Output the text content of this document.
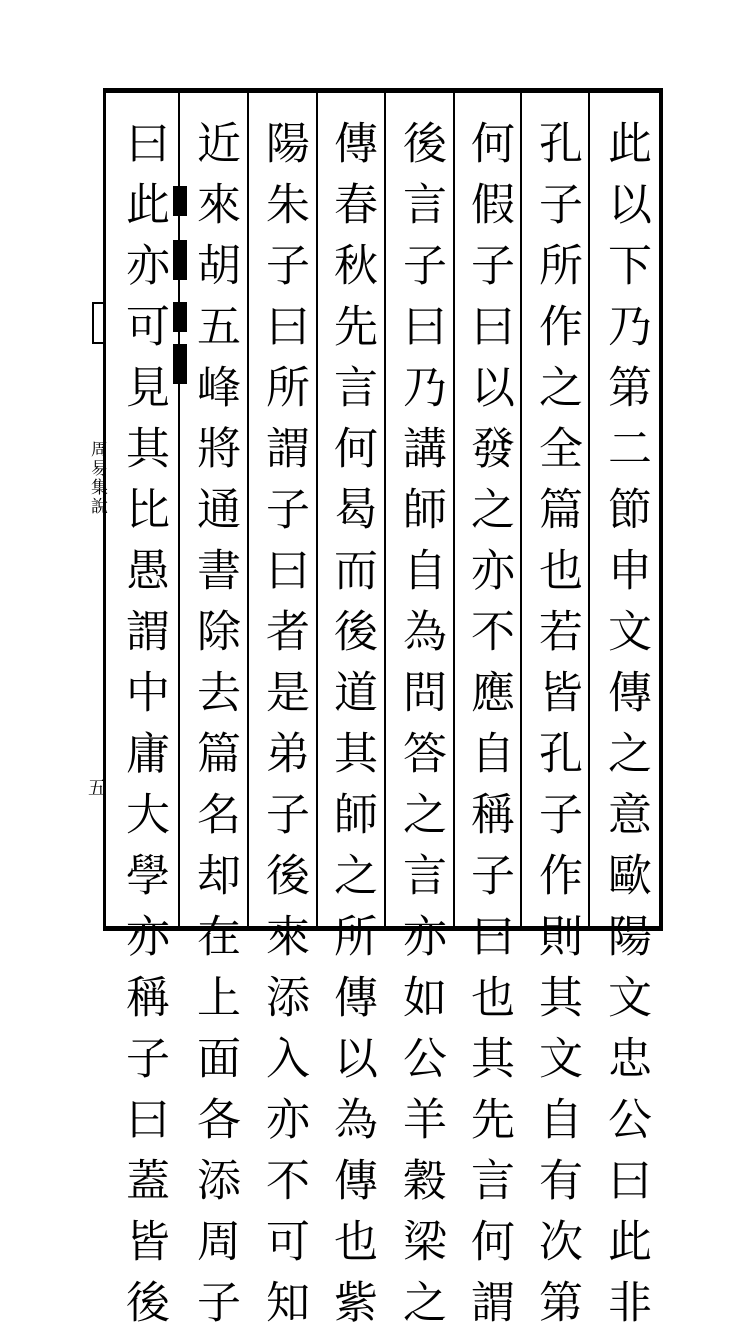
周易集說
五	此以下乃第二節申文傳之意歐陽文忠公曰此非
孔子所作之全篇也若皆孔子作則其文自有次第
何假子曰以發之亦不應自稱子曰也其先言何謂
後言子曰乃講師自為問答之言亦如公羊穀梁之
傳春秋先言何曷而後道其師之所傳以為傳也紫
陽朱子曰所謂子曰者是弟子後來添入亦不可知
近來胡五峰將通書除去篇名却在上面各添周子
曰此亦可見其比愚謂中庸大學亦稱子曰蓋皆後
